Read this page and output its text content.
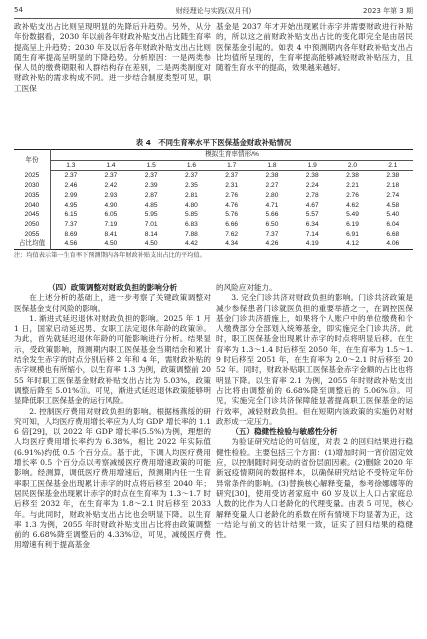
54	财经理论与实践(双月刊)	2023 年第 3 期

政补贴支出占比则呈现明显的先降后升趋势。另外，从分年份数据看，2030 年以前各年财政补贴支出占比随生育率提高呈上升趋势；2030 年及以后各年财政补贴支出占比则随生育率提高呈明显的下降趋势。分析原因：一是两类参保人员的缴费期限和人群结构存在差别，二是两类制度对财政补贴的需求构成不同。进一步结合制度类型可见，职工医保

基金是 2037 年才开始出现累计赤字并需要财政进行补贴的，所以这之前财政补贴支出占比的变化即完全是由居民医保基金引起的。如表 4 中预测期内各年财政补贴支出占比均值所呈现的，生育率提高能够减轻财政补贴压力，且随着生育水平的提高，效果越来越好。

表 4　不同生育率水平下医保基金财政补贴情况
年份	模拟生育率情形/%								
	1.3	1.4	1.5	1.6	1.7	1.8	1.9	2.0	2.1
2025	2.37	2.37	2.37	2.37	2.37	2.38	2.38	2.38	2.38
2030	2.46	2.42	2.39	2.35	2.31	2.27	2.24	2.21	2.18
2035	2.99	2.93	2.87	2.81	2.76	2.80	2.78	2.76	2.74
2040	4.95	4.90	4.85	4.80	4.76	4.71	4.67	4.62	4.58
2045	6.15	6.05	5.95	5.85	5.76	5.66	5.57	5.49	5.40
2050	7.37	7.19	7.01	6.83	6.66	6.50	6.34	6.19	6.04
2055	8.69	8.41	8.14	7.88	7.62	7.37	7.14	6.91	6.68
占比均值	4.56	4.50	4.50	4.42	4.34	4.26	4.19	4.12	4.06
注：均值表示第一生育率下预测期内各年财政补贴支出占比的平均值。

（四）政策调整对财政负担的影响分析

在上述分析的基础上，进一步考察了关键政策调整对医保基金支付风险的影响。

1. 渐进式延迟退休对财政负担的影响。2025 年 1 月 1 日，国家启动延迟男、女职工法定退休年龄的政策⑩。为此，首先就延迟退休年龄的可能影响进行分析。结果显示，受政策影响，预测期内职工医保基金当期结余和累计结余发生赤字的时点分别后移 2 年和 4 年，需财政补贴的赤字规模也有所缩小，以生育率 1.3 为例，政策调整前 2055 年时职工医保基金财政补贴支出占比为 5.03%，政策调整后降至 5.01%⑪。可见，渐进式延迟退休政策能够明显降低职工医保基金的运行风险。

2. 控制医疗费用对财政负担的影响。根据杨燕绥的研究可知，人均医疗费用增长率应为人均 GDP 增长率的 1.16 倍[29]，以 2022 年 GDP 增长率(5.5%)为例，理想的人均医疗费用增长率约为 6.38%，相比 2022 年实际值(6.91%)约低 0.5 个百分点。基于此，下调人均医疗费用增长率 0.5 个百分点以考察减缓医疗费用增速政策的可能影响。经测算，调低医疗费用增速后，预测期内任一生育率职工医保基金出现累计赤字的时点将后移至 2040 年；居民医保基金出现累计赤字的时点在生育率为 1.3～1.7 时后移至 2032 年，在生育率为 1.8～2.1 时后移至 2033 年。与此同时，财政补贴支出占比也会明显下降。以生育率 1.3 为例，2055 年时财政补贴支出占比将由政策调整前的 6.68%降至调整后的 4.33%⑫，可见，减缓医疗费用增速有利于提高基金

的风险应对能力。

3. 完全门诊共济对财政负担的影响。门诊共济政策是减少参保患者门诊就医负担的重要举措之一，在调控医保基金门诊共济措施上，如果将个人账户中的单位缴费和个人缴费部分全部划入统筹基金，即实施完全门诊共济。此时，职工医保基金出现累计赤字的时点将明显后移。在生育率为 1.3～1.4 时后移至 2050 年，在生育率为 1.5～1.9 时后移至 2051 年，在生育率为 2.0～2.1 时后移至 2052 年。同时，财政补贴职工医保基金赤字金额的占比也将明显下降。以生育率 2.1 为例，2055 年时财政补贴支出占比将由调整前的 6.68%降至调整后的 5.06%⑬。可见，实施完全门诊共济保障能显著提高职工医保基金的运行效率，减轻财政负担。但在短期内该政策的实施仍对财政形成一定压力。

（五）稳健性检验与敏感性分析

为验证研究结论的可信度，对表 2 的回归结果进行稳健性检验。主要包括三个方面：(1)增加时间一宵价固定效应，以控制随时间变动的省份层面因素。(2)删除 2020 年新冠疫情期间的数据样本，以确保研究结论不受特定年份异常条件的影响。(3)替换核心解释变量，参考徐娜娜等的研究[30]，使用受访者家庭中 60 岁及以上人口占家庭总人数的比作为人口老龄化的代理变量。由表 5 可见，核心解释变量人口老龄化的系数在所有情境下均显著为正，这一结论与前文的估计结果一致，证实了回归结果的稳健性。
